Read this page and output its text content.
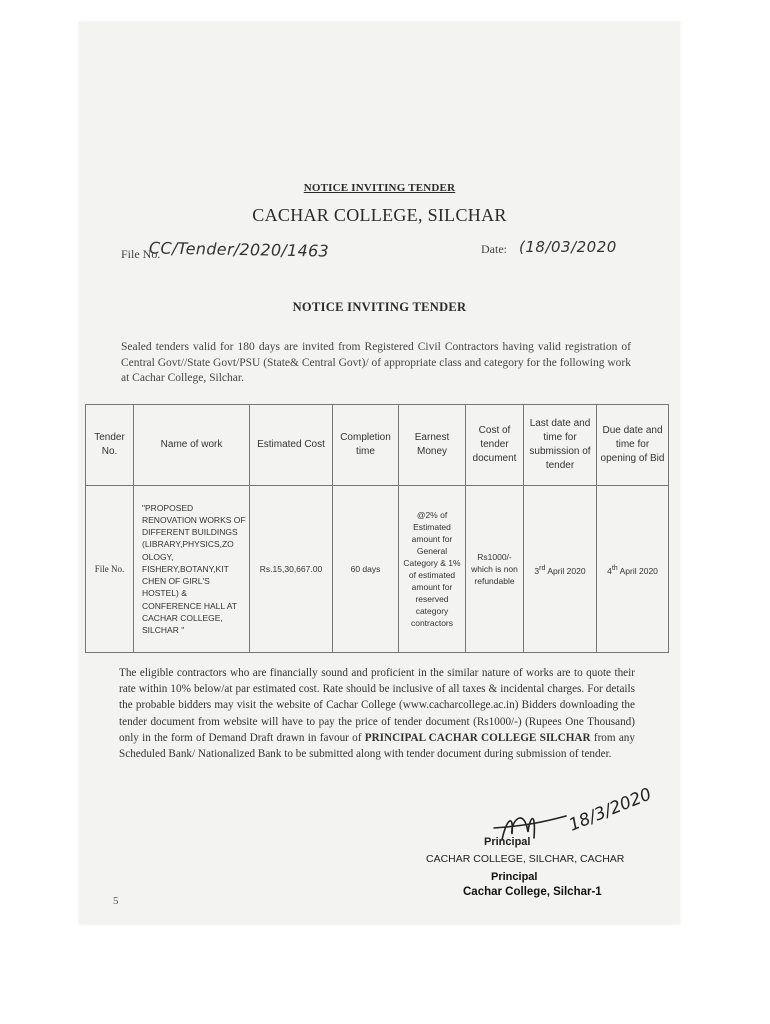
NOTICE INVITING TENDER
CACHAR COLLEGE, SILCHAR
File No.
CC/Tender/2020/1463	Date: (18/03/2020
NOTICE INVITING TENDER
Sealed tenders valid for 180 days are invited from Registered Civil Contractors having valid registration of Central Govt//State Govt/PSU (State& Central Govt)/ of appropriate class and category for the following work at Cachar College, Silchar.
Tender No.	Name of work	Estimated Cost	Completion time	Earnest Money	Cost of tender document	Last date and time for submission of tender	Due date and time for opening of Bid
File No.	"PROPOSED RENOVATION WORKS OF DIFFERENT BUILDINGS (LIBRARY,PHYSICS,ZO OLOGY, FISHERY,BOTANY,KIT CHEN OF GIRL'S HOSTEL) & CONFERENCE HALL AT CACHAR COLLEGE, SILCHAR "	Rs.15,30,667.00	60 days	@2% of Estimated amount for General Category & 1% of estimated amount for reserved category contractors	Rs1000/- which is non refundable	3rd April 2020	4th April 2020
The eligible contractors who are financially sound and proficient in the similar nature of works are to quote their rate within 10% below/at par estimated cost. Rate should be inclusive of all taxes & incidental charges. For details the probable bidders may visit the website of Cachar College (www.cacharcollege.ac.in) Bidders downloading the tender document from website will have to pay the price of tender document (Rs1000/-) (Rupees One Thousand) only in the form of Demand Draft drawn in favour of PRINCIPAL CACHAR COLLEGE SILCHAR from any Scheduled Bank/ Nationalized Bank to be submitted along with tender document during submission of tender.
18/3/2020
Principal
CACHAR COLLEGE, SILCHAR, CACHAR
Principal
Cachar College, Silchar-1
5
